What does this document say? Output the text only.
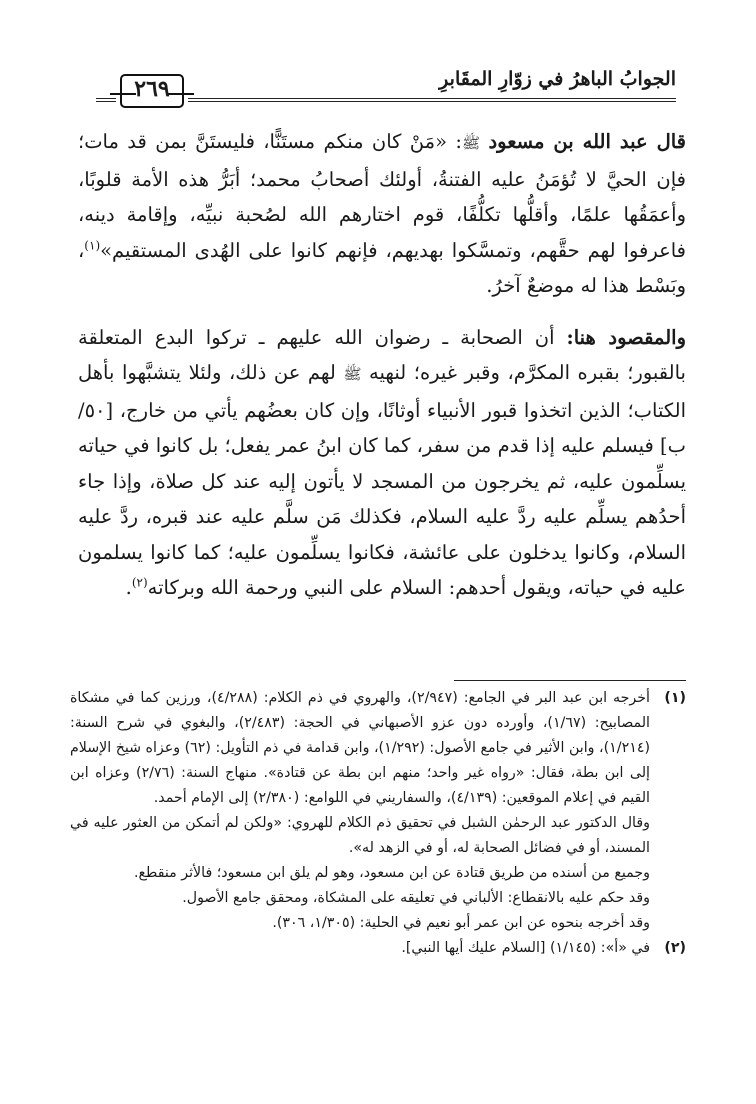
الجوابُ الباهرُ في زوّارِ المقَابرِ
٢٦٩

قال عبد الله بن مسعود ﷺ: «مَنْ كان منكم مستَنًّا، فليستَنَّ بمن قد مات؛ فإن الحيَّ لا تُؤمَنُ عليه الفتنةُ، أولئك أصحابُ محمد؛ أبَرُّ هذه الأمة قلوبًا، وأعمَقُها علمًا، وأقلُّها تكلُّفًا، قوم اختارهم الله لصُحبة نبيِّه، وإقامة دينه، فاعرفوا لهم حقَّهم، وتمسَّكوا بهديهم، فإنهم كانوا على الهُدى المستقيم»$^{(١)}$، وبَسْط هذا له موضعٌ آخرُ.

والمقصود هنا: أن الصحابة ـ رضوان الله عليهم ـ تركوا البدع المتعلقة بالقبور؛ بقبره المكرَّم، وقبر غيره؛ لنهيه ﷺ لهم عن ذلك، ولئلا يتشبَّهوا بأهل الكتاب؛ الذين اتخذوا قبور الأنبياء أوثانًا، وإن كان بعضُهم يأتي من خارج، [٥٠/ب] فيسلم عليه إذا قدم من سفر، كما كان ابنُ عمر يفعل؛ بل كانوا في حياته يسلِّمون عليه، ثم يخرجون من المسجد لا يأتون إليه عند كل صلاة، وإذا جاء أحدُهم يسلِّم عليه ردَّ عليه السلام، فكذلك مَن سلَّم عليه عند قبره، ردَّ عليه السلام، وكانوا يدخلون على عائشة، فكانوا يسلِّمون عليه؛ كما كانوا يسلمون عليه في حياته، ويقول أحدهم: السلام على النبي ورحمة الله وبركاته$^{(٢)}$.

(١)

أخرجه ابن عبد البر في الجامع: (٢/٩٤٧)، والهروي في ذم الكلام: (٤/٢٨٨)، ورزين كما في مشكاة المصابيح: (١/٦٧)، وأورده دون عزو الأصبهاني في الحجة: (٢/٤٨٣)، والبغوي في شرح السنة: (١/٢١٤)، وابن الأثير في جامع الأصول: (١/٢٩٢)، وابن قدامة في ذم التأويل: (٦٢) وعزاه شيخ الإسلام إلى ابن بطة، فقال: «رواه غير واحد؛ منهم ابن بطة عن قتادة». منهاج السنة: (٢/٧٦) وعزاه ابن القيم في إعلام الموقعين: (٤/١٣٩)، والسفاريني في اللوامع: (٢/٣٨٠) إلى الإمام أحمد.

وقال الدكتور عبد الرحمٰن الشبل في تحقيق ذم الكلام للهروي: «ولكن لم أتمكن من العثور عليه في المسند، أو في فضائل الصحابة له، أو في الزهد له».

وجميع من أسنده من طريق قتادة عن ابن مسعود، وهو لم يلق ابن مسعود؛ فالأثر منقطع.

وقد حكم عليه بالانقطاع: الألباني في تعليقه على المشكاة، ومحقق جامع الأصول.

وقد أخرجه بنحوه عن ابن عمر أبو نعيم في الحلية: (١/٣٠٥، ٣٠٦).

(٢)

في «أ»: (١/١٤٥) [السلام عليك أيها النبي].
